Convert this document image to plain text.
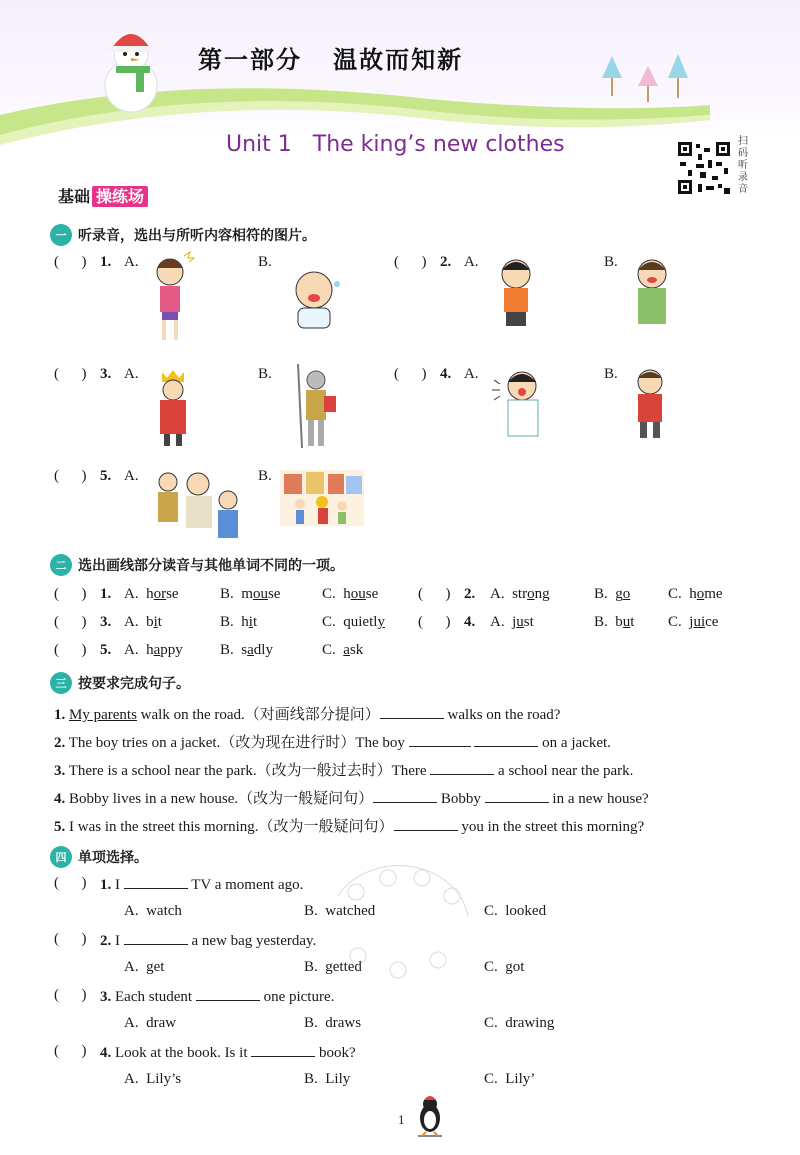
第一部分   温故而知新
Unit 1   The king’s new clothes	扫码听录音
基础 操练场
一 听录音，选出与所听内容相符的图片。
(      ) 1. A.	B.	(      ) 2. A.	B.
(      ) 3. A.	B.	(      ) 4. A.	B.
(      ) 5. A.	B.
二 选出画线部分读音与其他单词不同的一项。
(      ) 1. A. horse	B. mouse	C. house	(      ) 2. A. strong	B. go	C. home
(      ) 3. A. bit	B. hit	C. quietly (      ) 4. A. just	B. but C. juice
(      ) 5. A. happy B. sadly	C. ask
三 按要求完成句子。
1. My parents walk on the road.（对画线部分提问）	walks on the road?
2. The boy tries on a jacket.（改为现在进行时）The boy	on a jacket.
3. There is a school near the park.（改为一般过去时）There	a school near the park.
4. Bobby lives in a new house.（改为一般疑问句）	Bobby	in a new house?
5. I was in the street this morning.（改为一般疑问句）	you in the street this morning?
四 单项选择。
(      ) 1. I	TV a moment ago.
A.  watch	B.  watched	C.  looked
(      ) 2. I	a new bag yesterday.
A.  get	B.  getted	C.  got
(      ) 3. Each student	one picture.
A.  draw	B.  draws	C.  drawing
(      ) 4. Look at the book. Is it	book?
A.  Lily’s	B.  Lily	C.  Lily’
1
